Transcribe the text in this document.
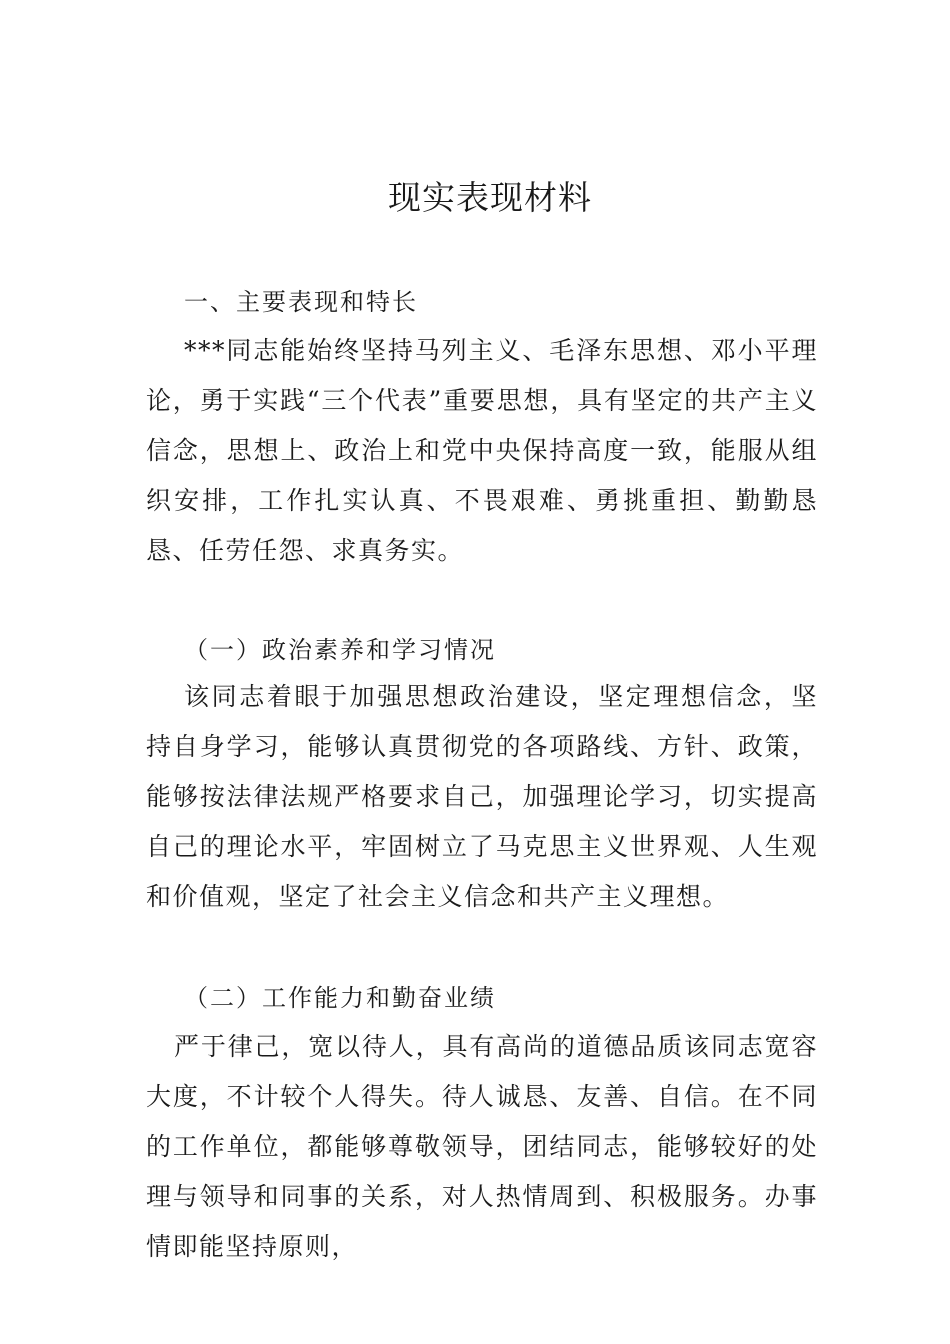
现实表现材料
一、主要表现和特长
***同志能始终坚持马列主义、毛泽东思想、邓小平理论，勇于实践“三个代表”重要思想，具有坚定的共产主义信念，思想上、政治上和党中央保持高度一致，能服从组织安排，工作扎实认真、不畏艰难、勇挑重担、勤勤恳恳、任劳任怨、求真务实。
（一）政治素养和学习情况
该同志着眼于加强思想政治建设，坚定理想信念，坚持自身学习，能够认真贯彻党的各项路线、方针、政策，能够按法律法规严格要求自己，加强理论学习，切实提高自己的理论水平，牢固树立了马克思主义世界观、人生观和价值观，坚定了社会主义信念和共产主义理想。
（二）工作能力和勤奋业绩
严于律己，宽以待人，具有高尚的道德品质该同志宽容大度，不计较个人得失。待人诚恳、友善、自信。在不同的工作单位，都能够尊敬领导，团结同志，能够较好的处理与领导和同事的关系，对人热情周到、积极服务。办事情即能坚持原则，
